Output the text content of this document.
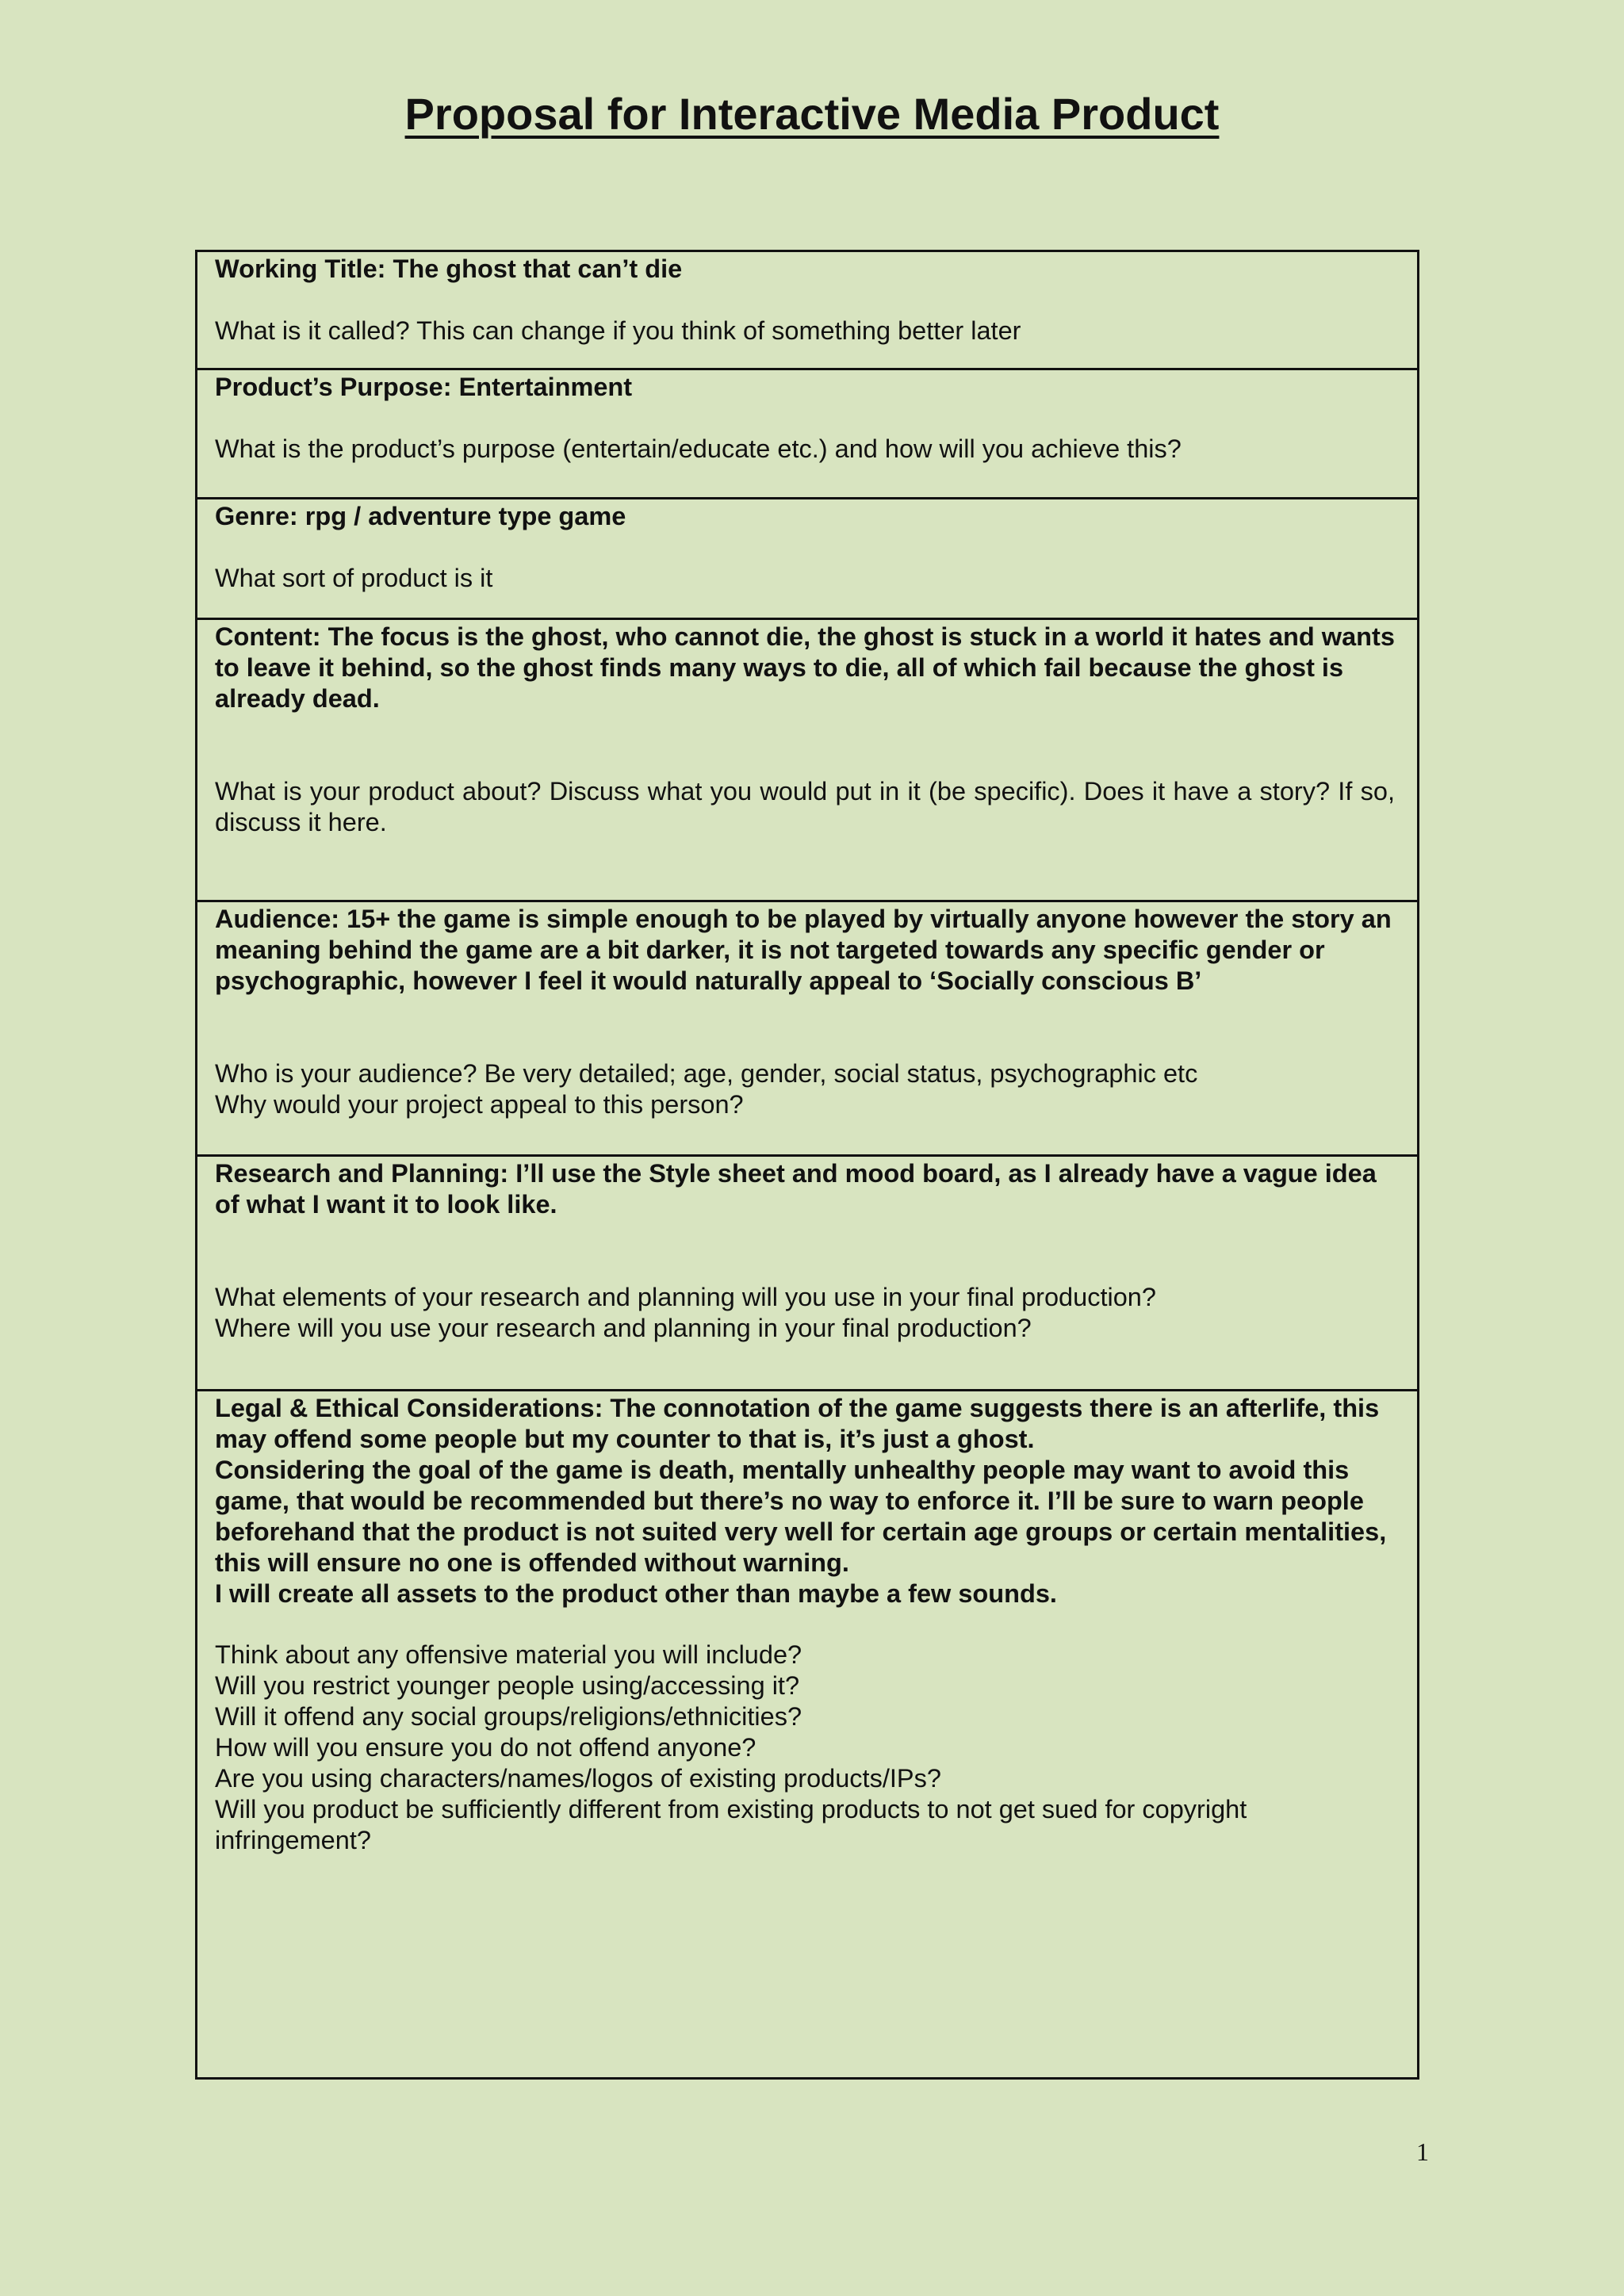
Proposal for Interactive Media Product

Working Title: The ghost that can’t die

What is it called? This can change if you think of something better later

Product’s Purpose: Entertainment

What is the product’s purpose (entertain/educate etc.) and how will you achieve this?

Genre: rpg / adventure type game

What sort of product is it

Content: The focus is the ghost, who cannot die, the ghost is stuck in a world it hates and wants to leave it behind, so the ghost finds many ways to die, all of which fail because the ghost is already dead.

What is your product about? Discuss what you would put in it (be specific). Does it have a story? If so, discuss it here.

Audience: 15+ the game is simple enough to be played by virtually anyone however the story an meaning behind the game are a bit darker, it is not targeted towards any specific gender or psychographic, however I feel it would naturally appeal to ‘Socially conscious B’

Who is your audience? Be very detailed; age, gender, social status, psychographic etc
Why would your project appeal to this person?

Research and Planning: I’ll use the Style sheet and mood board, as I already have a vague idea of what I want it to look like.

What elements of your research and planning will you use in your final production?
Where will you use your research and planning in your final production?

Legal & Ethical Considerations: The connotation of the game suggests there is an afterlife, this may offend some people but my counter to that is, it’s just a ghost.
Considering the goal of the game is death, mentally unhealthy people may want to avoid this game, that would be recommended but there’s no way to enforce it. I’ll be sure to warn people beforehand that the product is not suited very well for certain age groups or certain mentalities, this will ensure no one is offended without warning.
I will create all assets to the product other than maybe a few sounds.

Think about any offensive material you will include?
Will you restrict younger people using/accessing it?
Will it offend any social groups/religions/ethnicities?
How will you ensure you do not offend anyone?
Are you using characters/names/logos of existing products/IPs?
Will you product be sufficiently different from existing products to not get sued for copyright infringement?

1
